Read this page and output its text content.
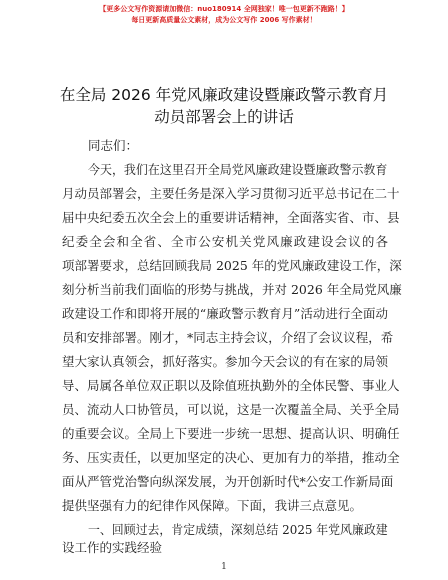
【更多公文写作资源请加微信：nuo180914 全网独家！唯一包更新不跑路！】
每日更新高质量公文素材，成为公文写作 2006 写作素材！
在全局 2026 年党风廉政建设暨廉政警示教育月
动员部署会上的讲话
同志们：
今天，我们在这里召开全局党风廉政建设暨廉政警示教育
月动员部署会，主要任务是深入学习贯彻习近平总书记在二十
届中央纪委五次全会上的重要讲话精神，全面落实省、市、县
纪委全会和全省、全市公安机关党风廉政建设会议的各
项部署要求，总结回顾我局 2025 年的党风廉政建设工作，深
刻分析当前我们面临的形势与挑战，并对 2026 年全局党风廉
政建设工作和即将开展的“廉政警示教育月”活动进行全面动
员和安排部署。刚才，*同志主持会议，介绍了会议议程，希
望大家认真领会，抓好落实。参加今天会议的有在家的局领
导、局属各单位双正职以及除值班执勤外的全体民警、事业人
员、流动人口协管员，可以说，这是一次覆盖全局、关乎全局
的重要会议。全局上下要进一步统一思想、提高认识、明确任
务、压实责任，以更加坚定的决心、更加有力的举措，推动全
面从严管党治警向纵深发展，为开创新时代*公安工作新局面
提供坚强有力的纪律作风保障。下面，我讲三点意见。
一、回顾过去，肯定成绩，深刻总结 2025 年党风廉政建
设工作的实践经验
1
